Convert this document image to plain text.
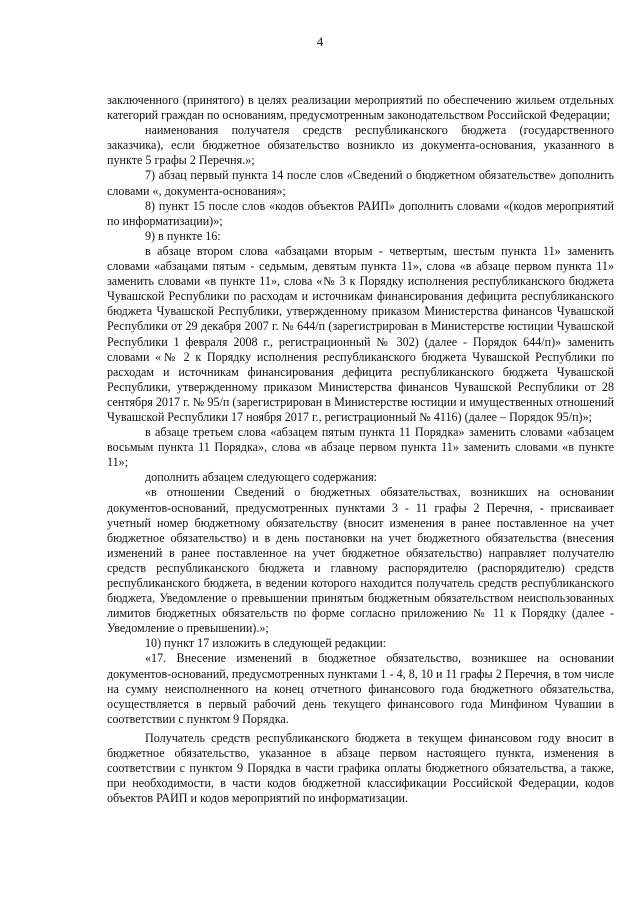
4

заключенного (принятого) в целях реализации мероприятий по обеспечению жильем отдельных категорий граждан по основаниям, предусмотренным законодательством Российской Федерации;

наименования получателя средств республиканского бюджета (государственного заказчика), если бюджетное обязательство возникло из документа-основания, указанного в пункте 5 графы 2 Перечня.»;

7) абзац первый пункта 14 после слов «Сведений о бюджетном обязательстве» дополнить словами «, документа-основания»;

8) пункт 15 после слов «кодов объектов РАИП» дополнить словами «(кодов мероприятий по информатизации)»;

9) в пункте 16:

в абзаце втором слова «абзацами вторым - четвертым, шестым пункта 11» заменить словами «абзацами пятым - седьмым, девятым пункта 11», слова «в абзаце первом пункта 11» заменить словами «в пункте 11», слова «№ 3 к Порядку исполнения республиканского бюджета Чувашской Республики по расходам и источникам финансирования дефицита республиканского бюджета Чувашской Республики, утвержденному приказом Министерства финансов Чувашской Республики от 29 декабря 2007 г. № 644/п (зарегистрирован в Министерстве юстиции Чувашской Республики 1 февраля 2008 г., регистрационный № 302) (далее - Порядок 644/п)» заменить словами «№ 2 к Порядку исполнения республиканского бюджета Чувашской Республики по расходам и источникам финансирования дефицита республиканского бюджета Чувашской Республики, утвержденному приказом Министерства финансов Чувашской Республики от 28 сентября 2017 г. № 95/п (зарегистрирован в Министерстве юстиции и имущественных отношений Чувашской Республики 17 ноября 2017 г., регистрационный № 4116) (далее – Порядок 95/п)»;

в абзаце третьем слова «абзацем пятым пункта 11 Порядка» заменить словами «абзацем восьмым пункта 11 Порядка», слова «в абзаце первом пункта 11» заменить словами «в пункте 11»;

дополнить абзацем следующего содержания:

«в отношении Сведений о бюджетных обязательствах, возникших на основании документов-оснований, предусмотренных пунктами 3 - 11 графы 2 Перечня, - присваивает учетный номер бюджетному обязательству (вносит изменения в ранее поставленное на учет бюджетное обязательство) и в день постановки на учет бюджетного обязательства (внесения изменений в ранее поставленное на учет бюджетное обязательство) направляет получателю средств республиканского бюджета и главному распорядителю (распорядителю) средств республиканского бюджета, в ведении которого находится получатель средств республиканского бюджета, Уведомление о превышении принятым бюджетным обязательством неиспользованных лимитов бюджетных обязательств по форме согласно приложению № 11 к Порядку (далее - Уведомление о превышении).»;

10) пункт 17 изложить в следующей редакции:

«17. Внесение изменений в бюджетное обязательство, возникшее на основании документов-оснований, предусмотренных пунктами 1 - 4, 8, 10 и 11 графы 2 Перечня, в том числе на сумму неисполненного на конец отчетного финансового года бюджетного обязательства, осуществляется в первый рабочий день текущего финансового года Минфином Чувашии в соответствии с пунктом 9 Порядка.

Получатель средств республиканского бюджета в текущем финансовом году вносит в бюджетное обязательство, указанное в абзаце первом настоящего пункта, изменения в соответствии с пунктом 9 Порядка в части графика оплаты бюджетного обязательства, а также, при необходимости, в части кодов бюджетной классификации Российской Федерации, кодов объектов РАИП и кодов мероприятий по информатизации.
